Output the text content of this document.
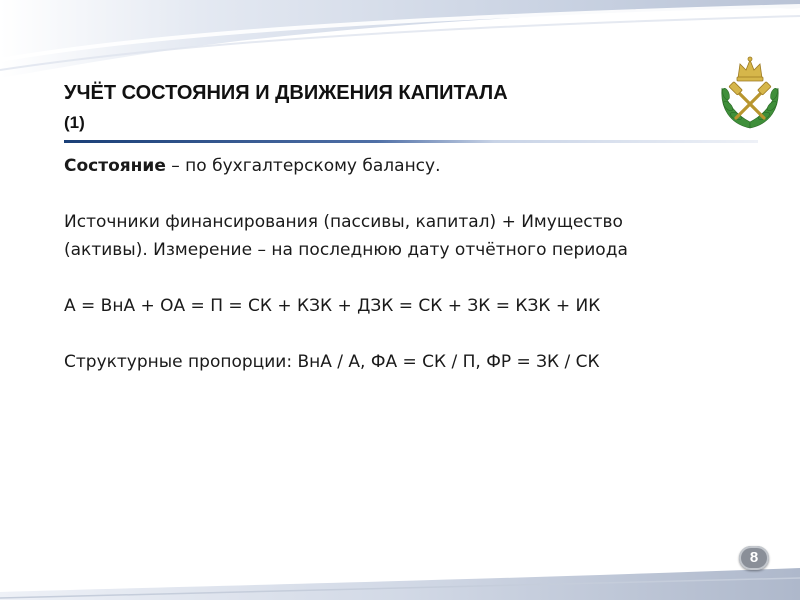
УЧЁТ СОСТОЯНИЯ И ДВИЖЕНИЯ КАПИТАЛА
(1)

Состояние – по бухгалтерскому балансу.

Источники финансирования (пассивы, капитал) + Имущество

(активы). Измерение – на последнюю дату отчётного периода

А = ВнА + ОА = П = СК + КЗК + ДЗК = СК + ЗК = КЗК + ИК

Структурные пропорции: ВнА / А, ФА = СК / П, ФР = ЗК / СК

8
